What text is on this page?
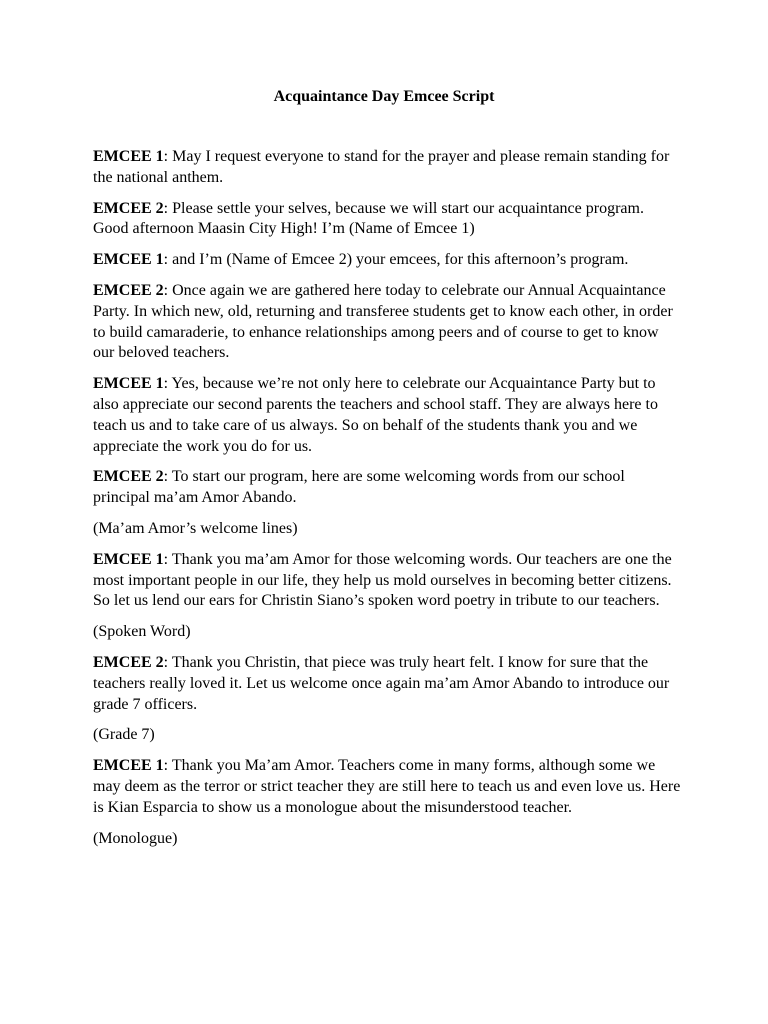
Acquaintance Day Emcee Script

EMCEE 1: May I request everyone to stand for the prayer and please remain standing for the national anthem.

EMCEE 2: Please settle your selves, because we will start our acquaintance program. Good afternoon Maasin City High! I’m (Name of Emcee 1)

EMCEE 1: and I’m (Name of Emcee 2) your emcees, for this afternoon’s program.

EMCEE 2: Once again we are gathered here today to celebrate our Annual Acquaintance Party. In which new, old, returning and transferee students get to know each other, in order to build camaraderie, to enhance relationships among peers and of course to get to know our beloved teachers.

EMCEE 1: Yes, because we’re not only here to celebrate our Acquaintance Party but to also appreciate our second parents the teachers and school staff. They are always here to teach us and to take care of us always. So on behalf of the students thank you and we appreciate the work you do for us.

EMCEE 2: To start our program, here are some welcoming words from our school principal ma’am Amor Abando.

(Ma’am Amor’s welcome lines)

EMCEE 1: Thank you ma’am Amor for those welcoming words. Our teachers are one the most important people in our life, they help us mold ourselves in becoming better citizens. So let us lend our ears for Christin Siano’s spoken word poetry in tribute to our teachers.

(Spoken Word)

EMCEE 2: Thank you Christin, that piece was truly heart felt. I know for sure that the teachers really loved it. Let us welcome once again ma’am Amor Abando to introduce our grade 7 officers.

(Grade 7)

EMCEE 1: Thank you Ma’am Amor. Teachers come in many forms, although some we may deem as the terror or strict teacher they are still here to teach us and even love us. Here is Kian Esparcia to show us a monologue about the misunderstood teacher.

(Monologue)
